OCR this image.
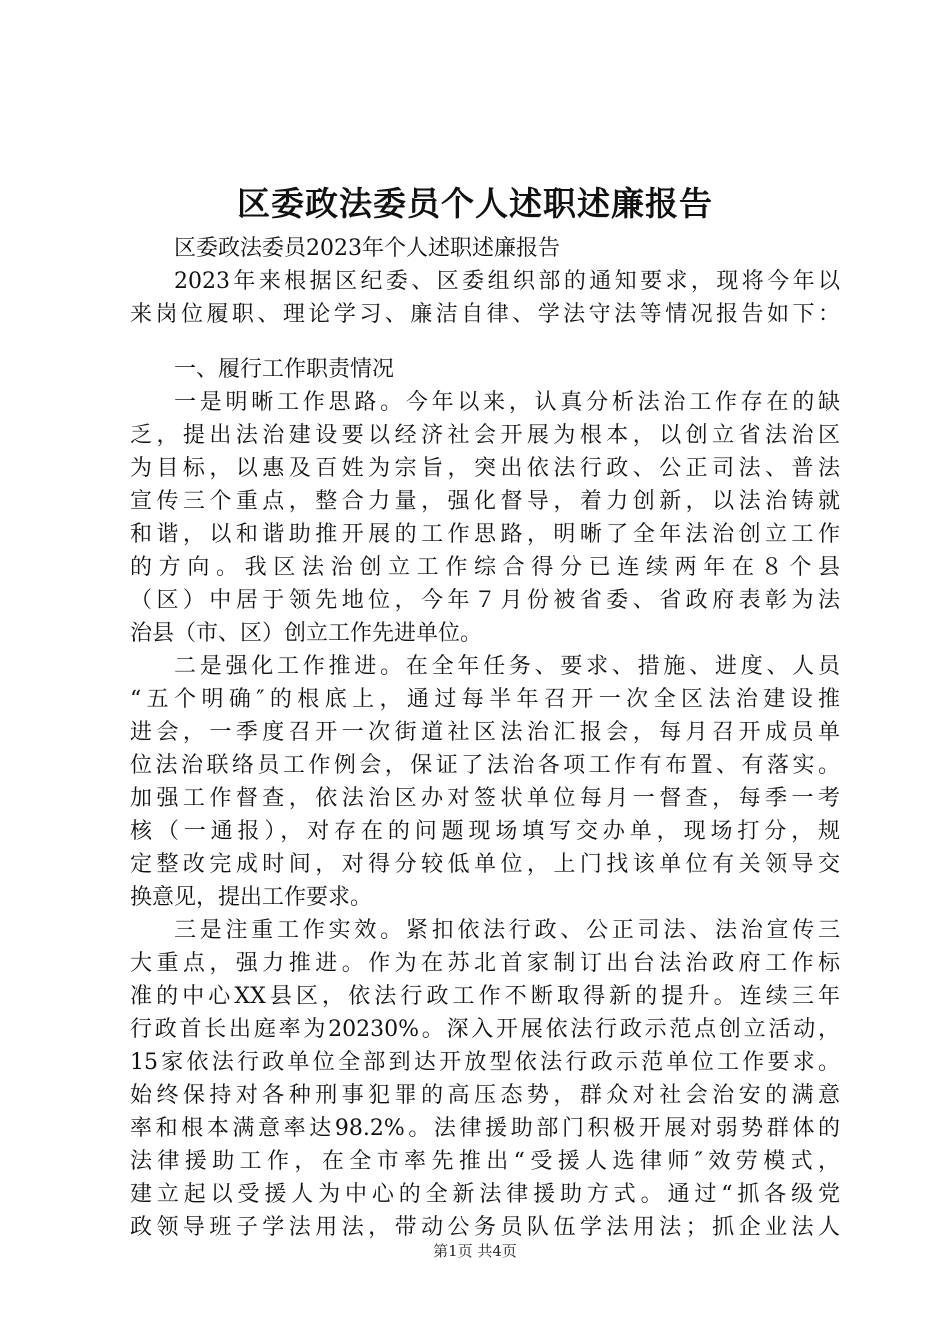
区委政法委员个人述职述廉报告
区委政法委员2023年个人述职述廉报告
2023年来根据区纪委、区委组织部的通知要求，现将今年以
来岗位履职、理论学习、廉洁自律、学法守法等情况报告如下：
一、履行工作职责情况
一是明晰工作思路。今年以来，认真分析法治工作存在的缺
乏，提出法治建设要以经济社会开展为根本，以创立省法治区
为目标，以惠及百姓为宗旨，突出依法行政、公正司法、普法
宣传三个重点，整合力量，强化督导，着力创新，以法治铸就
和谐，以和谐助推开展的工作思路，明晰了全年法治创立工作
的方向。我区法治创立工作综合得分已连续两年在８个县
（区）中居于领先地位，今年７月份被省委、省政府表彰为法
治县（市、区）创立工作先进单位。
二是强化工作推进。在全年任务、要求、措施、进度、人员
“五个明确″的根底上，通过每半年召开一次全区法治建设推
进会，一季度召开一次街道社区法治汇报会，每月召开成员单
位法治联络员工作例会，保证了法治各项工作有布置、有落实。
加强工作督查，依法治区办对签状单位每月一督查，每季一考
核（一通报），对存在的问题现场填写交办单，现场打分，规
定整改完成时间，对得分较低单位，上门找该单位有关领导交
换意见，提出工作要求。
三是注重工作实效。紧扣依法行政、公正司法、法治宣传三
大重点，强力推进。作为在苏北首家制订出台法治政府工作标
准的中心XX县区，依法行政工作不断取得新的提升。连续三年
行政首长出庭率为20230%。深入开展依法行政示范点创立活动，
15家依法行政单位全部到达开放型依法行政示范单位工作要求。
始终保持对各种刑事犯罪的高压态势，群众对社会治安的满意
率和根本满意率达98.2%。法律援助部门积极开展对弱势群体的
法律援助工作，在全市率先推出“受援人选律师″效劳模式，
建立起以受援人为中心的全新法律援助方式。通过“抓各级党
政领导班子学法用法，带动公务员队伍学法用法；抓企业法人
第1页 共4页
